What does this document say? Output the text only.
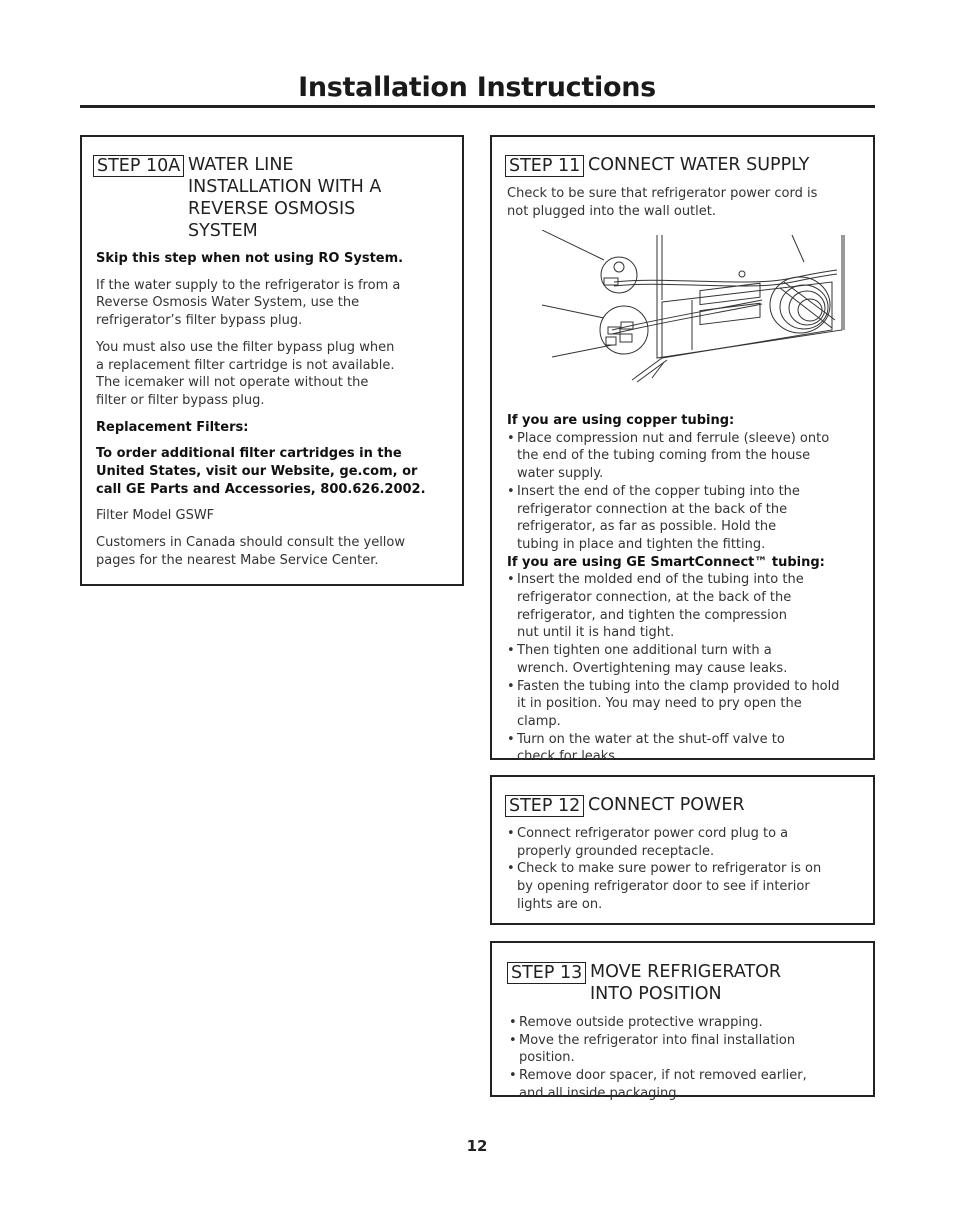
Installation Instructions
STEP 10A WATER LINE INSTALLATION WITH A REVERSE OSMOSIS SYSTEM

Skip this step when not using RO System.

If the water supply to the refrigerator is from a Reverse Osmosis Water System, use the refrigerator’s filter bypass plug.

You must also use the filter bypass plug when a replacement filter cartridge is not available. The icemaker will not operate without the filter or filter bypass plug.

Replacement Filters:

To order additional filter cartridges in the United States, visit our Website, ge.com, or call GE Parts and Accessories, 800.626.2002.

Filter Model GSWF

Customers in Canada should consult the yellow pages for the nearest Mabe Service Center.

STEP 11 CONNECT WATER SUPPLY
Check to be sure that refrigerator power cord is not plugged into the wall outlet.

If you are using copper tubing:

• Place compression nut and ferrule (sleeve) onto the end of the tubing coming from the house water supply.

• Insert the end of the copper tubing into the refrigerator connection at the back of the refrigerator, as far as possible. Hold the tubing in place and tighten the fitting.

If you are using GE SmartConnect™ tubing:

• Insert the molded end of the tubing into the refrigerator connection, at the back of the refrigerator, and tighten the compression nut until it is hand tight.

• Then tighten one additional turn with a wrench. Overtightening may cause leaks.

• Fasten the tubing into the clamp provided to hold it in position. You may need to pry open the clamp.

• Turn on the water at the shut-off valve to check for leaks.

STEP 12 CONNECT POWER

• Connect refrigerator power cord plug to a properly grounded receptacle.

• Check to make sure power to refrigerator is on by opening refrigerator door to see if interior lights are on.

STEP 13 MOVE REFRIGERATOR INTO POSITION

• Remove outside protective wrapping.

• Move the refrigerator into final installation position.

• Remove door spacer, if not removed earlier, and all inside packaging.

12
